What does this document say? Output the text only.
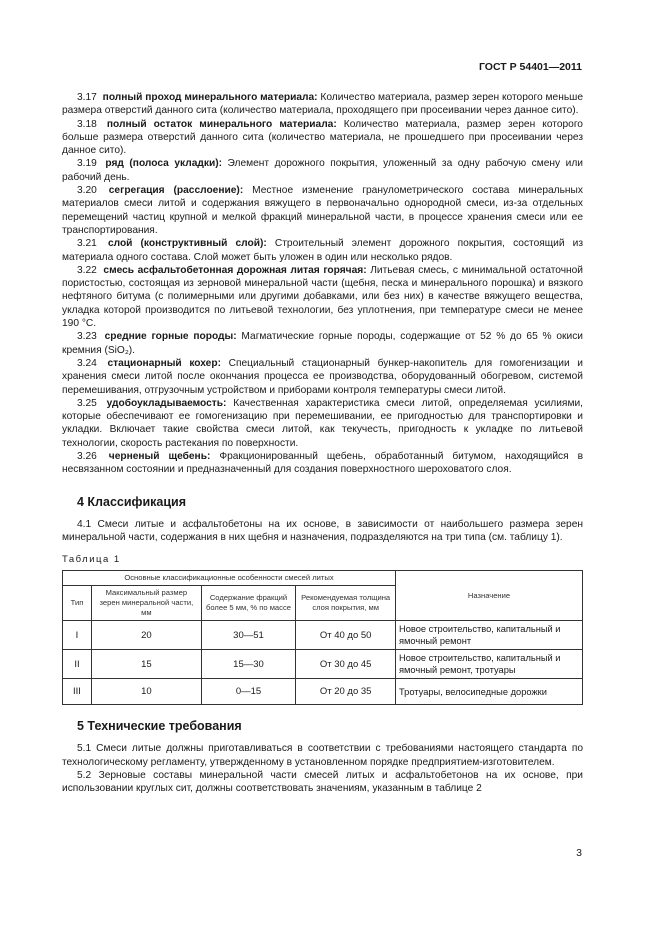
ГОСТ Р 54401—2011

3.17 полный проход минерального материала: Количество материала, размер зерен которого меньше размера отверстий данного сита (количество материала, проходящего при просеивании через данное сито).

3.18 полный остаток минерального материала: Количество материала, размер зерен которого больше размера отверстий данного сита (количество материала, не прошедшего при просеивании через данное сито).

3.19 ряд (полоса укладки): Элемент дорожного покрытия, уложенный за одну рабочую смену или рабочий день.

3.20 сегрегация (расслоение): Местное изменение гранулометрического состава минеральных материалов смеси литой и содержания вяжущего в первоначально однородной смеси, из-за отдельных перемещений частиц крупной и мелкой фракций минеральной части, в процессе хранения смеси или ее транспортирования.

3.21 слой (конструктивный слой): Строительный элемент дорожного покрытия, состоящий из материала одного состава. Слой может быть уложен в один или несколько рядов.

3.22 смесь асфальтобетонная дорожная литая горячая: Литьевая смесь, с минимальной остаточной пористостью, состоящая из зерновой минеральной части (щебня, песка и минерального порошка) и вязкого нефтяного битума (с полимерными или другими добавками, или без них) в качестве вяжущего вещества, укладка которой производится по литьевой технологии, без уплотнения, при температуре смеси не менее 190 °С.

3.23 средние горные породы: Магматические горные породы, содержащие от 52 % до 65 % окиси кремния (SiO₂).

3.24 стационарный кохер: Специальный стационарный бункер-накопитель для гомогенизации и хранения смеси литой после окончания процесса ее производства, оборудованный обогревом, системой перемешивания, отгрузочным устройством и приборами контроля температуры смеси литой.

3.25 удобоукладываемость: Качественная характеристика смеси литой, определяемая усилиями, которые обеспечивают ее гомогенизацию при перемешивании, ее пригодностью для транспортировки и укладки. Включает такие свойства смеси литой, как текучесть, пригодность к укладке по литьевой технологии, скорость растекания по поверхности.

3.26 черненый щебень: Фракционированный щебень, обработанный битумом, находящийся в несвязанном состоянии и предназначенный для создания поверхностного шероховатого слоя.

4 Классификация

4.1 Смеси литые и асфальтобетоны на их основе, в зависимости от наибольшего размера зерен минеральной части, содержания в них щебня и назначения, подразделяются на три типа (см. таблицу 1).

Таблица 1
Основные классификационные особенности смесей литых				Назначение
Тип	Максимальный размер зерен минеральной части, мм	Содержание фракций более 5 мм, % по массе	Рекомендуемая толщина слоя покрытия, мм	
I	20	30—51	От 40 до 50	Новое строительство, капитальный и ямочный ремонт
II	15	15—30	От 30 до 45	Новое строительство, капитальный и ямочный ремонт, тротуары
III	10	0—15	От 20 до 35	Тротуары, велосипедные дорожки
5 Технические требования

5.1 Смеси литые должны приготавливаться в соответствии с требованиями настоящего стандарта по технологическому регламенту, утвержденному в установленном порядке предприятием-изготовителем.

5.2 Зерновые составы минеральной части смесей литых и асфальтобетонов на их основе, при использовании круглых сит, должны соответствовать значениям, указанным в таблице 2

3
